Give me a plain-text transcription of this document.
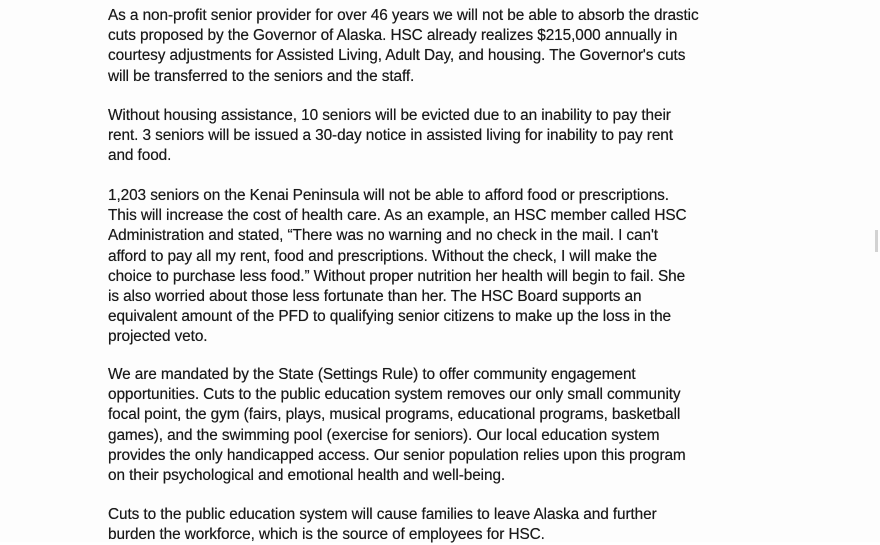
As a non-profit senior provider for over 46 years we will not be able to absorb the drastic
cuts proposed by the Governor of Alaska. HSC already realizes $215,000 annually in
courtesy adjustments for Assisted Living, Adult Day, and housing. The Governor's cuts
will be transferred to the seniors and the staff.

Without housing assistance, 10 seniors will be evicted due to an inability to pay their
rent. 3 seniors will be issued a 30-day notice in assisted living for inability to pay rent
and food.

1,203 seniors on the Kenai Peninsula will not be able to afford food or prescriptions.
This will increase the cost of health care. As an example, an HSC member called HSC
Administration and stated, “There was no warning and no check in the mail. I can't
afford to pay all my rent, food and prescriptions. Without the check, I will make the
choice to purchase less food.” Without proper nutrition her health will begin to fail. She
is also worried about those less fortunate than her. The HSC Board supports an
equivalent amount of the PFD to qualifying senior citizens to make up the loss in the
projected veto.

We are mandated by the State (Settings Rule) to offer community engagement
opportunities. Cuts to the public education system removes our only small community
focal point, the gym (fairs, plays, musical programs, educational programs, basketball
games), and the swimming pool (exercise for seniors). Our local education system
provides the only handicapped access. Our senior population relies upon this program
on their psychological and emotional health and well-being.

Cuts to the public education system will cause families to leave Alaska and further
burden the workforce, which is the source of employees for HSC.
